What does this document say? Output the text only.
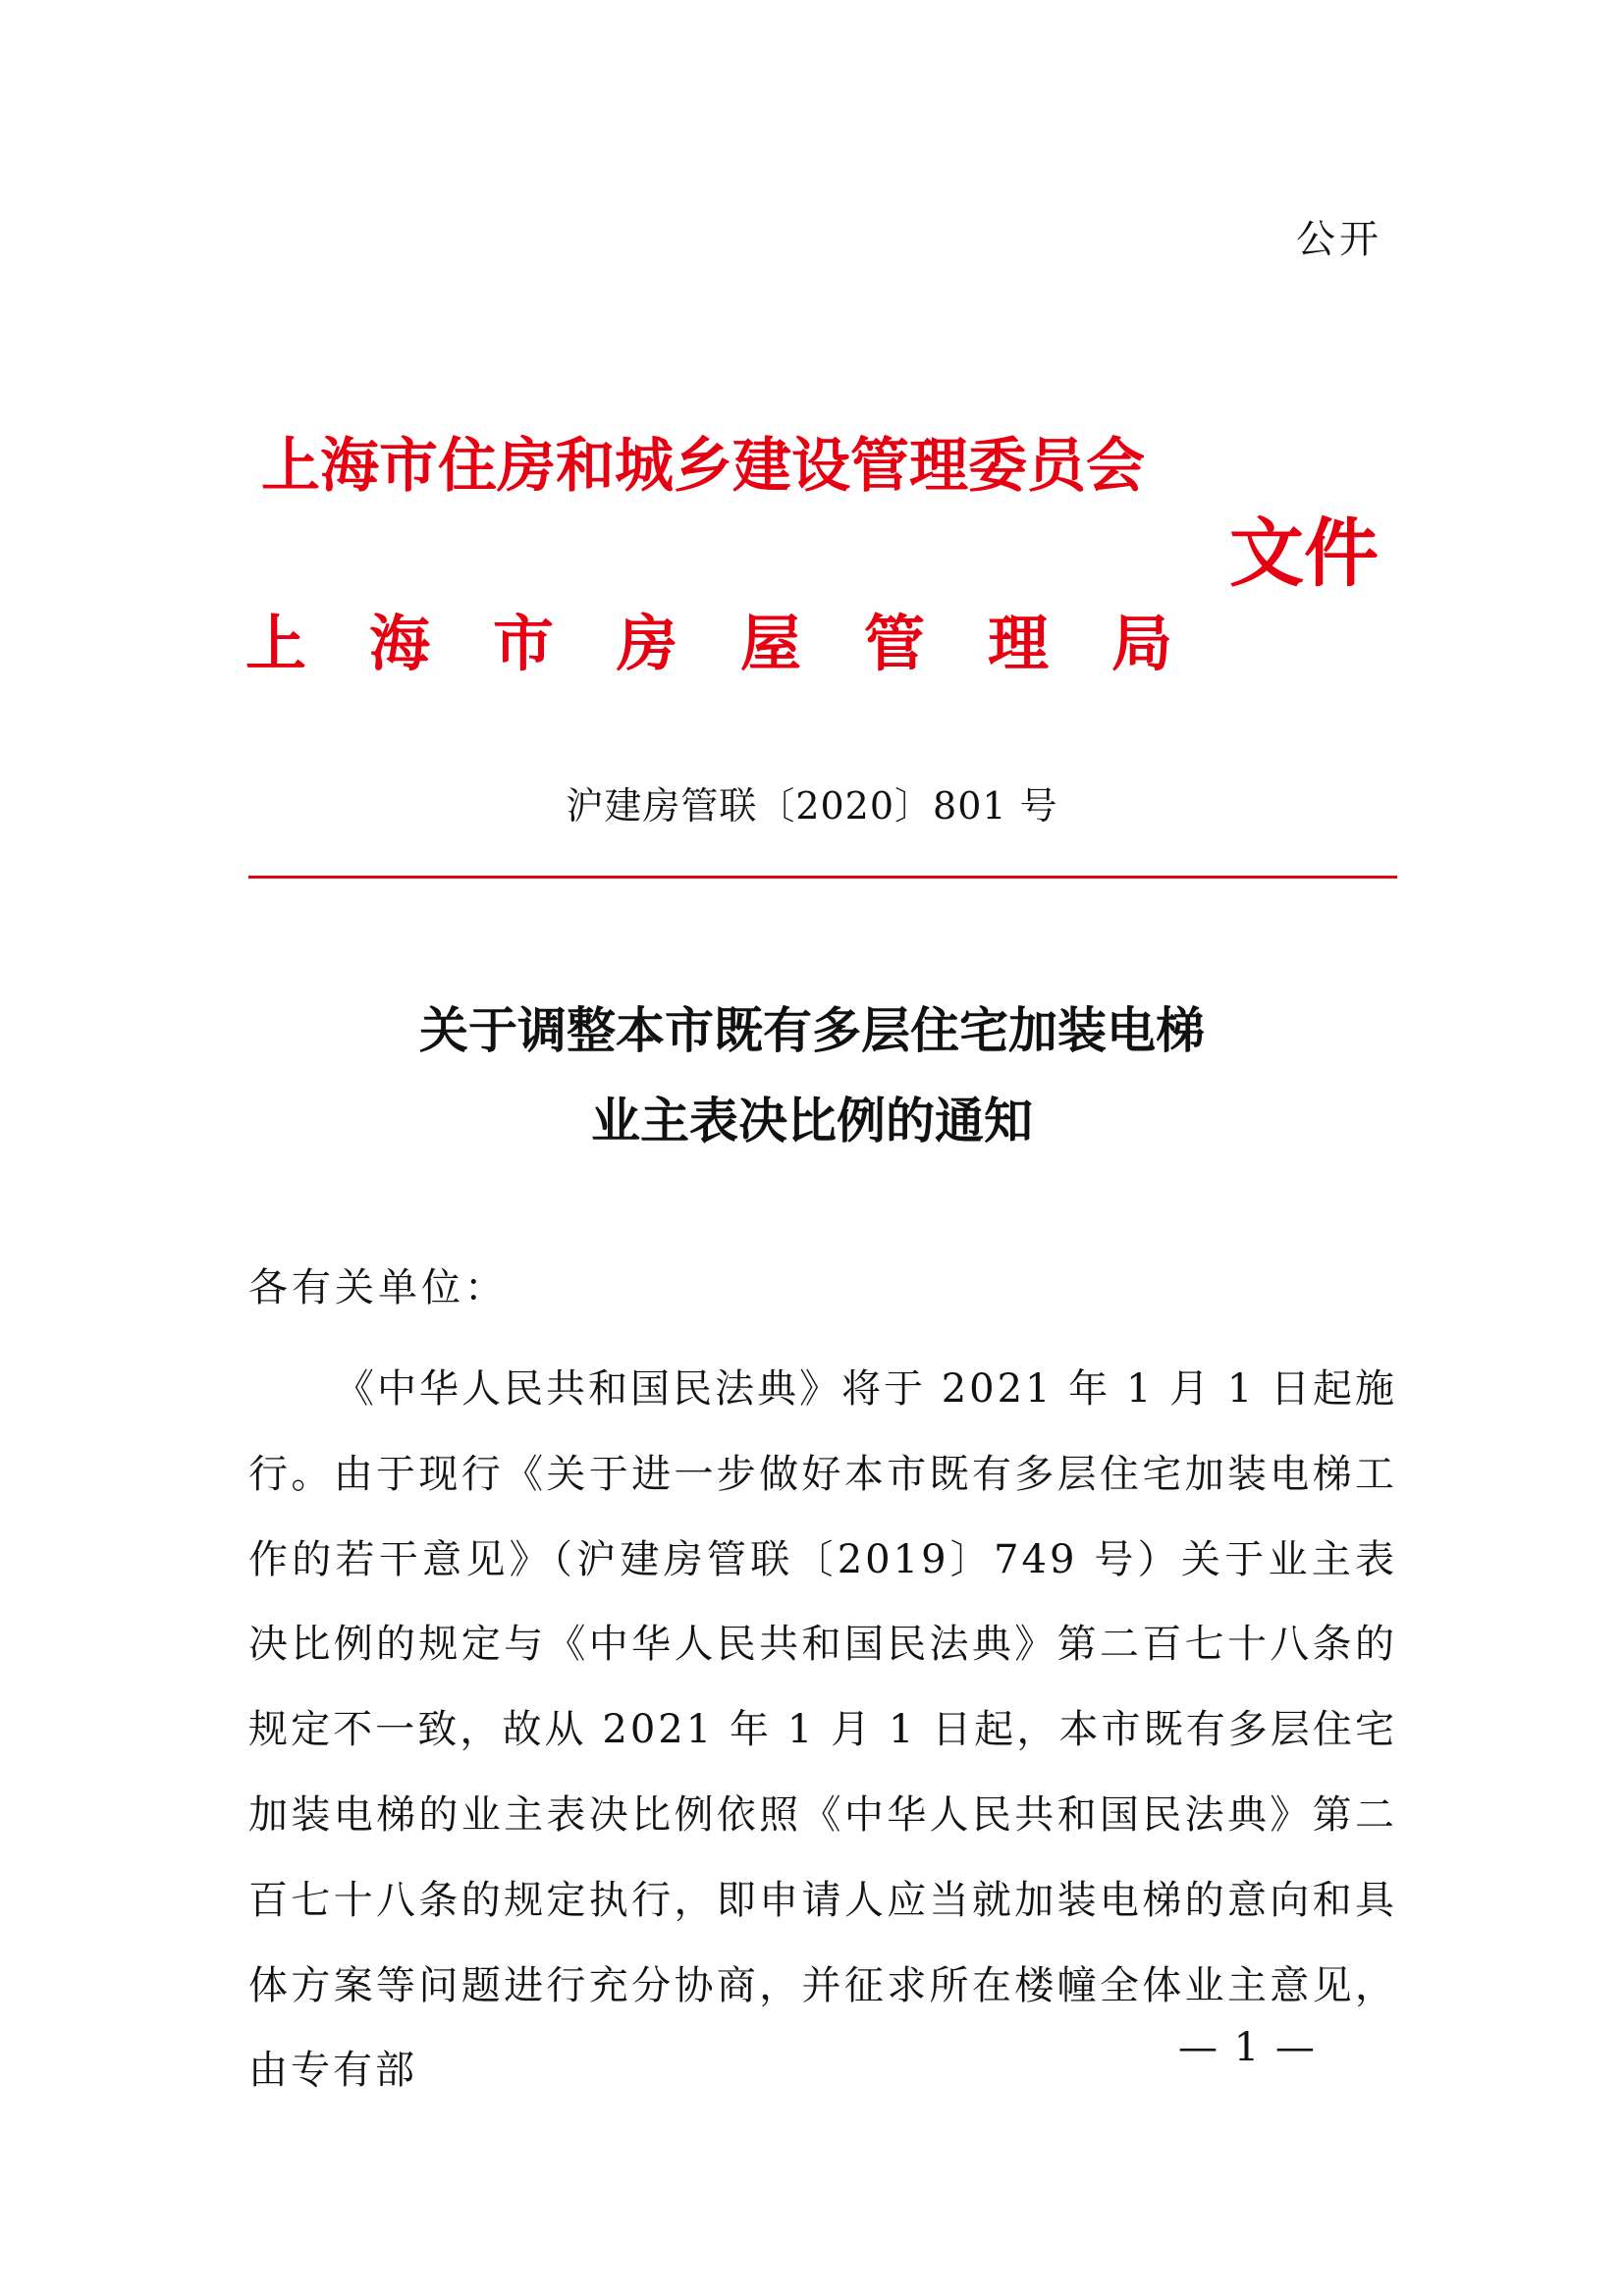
公开
上海市住房和城乡建设管理委员会
文件
上海市房屋管理局
沪建房管联〔2020〕801 号
关于调整本市既有多层住宅加装电梯
业主表决比例的通知
各有关单位：

《中华人民共和国民法典》将于 2021 年 1 月 1 日起施行。由于现行《关于进一步做好本市既有多层住宅加装电梯工作的若干意见》（沪建房管联〔2019〕749 号）关于业主表决比例的规定与《中华人民共和国民法典》第二百七十八条的规定不一致，故从 2021 年 1 月 1 日起，本市既有多层住宅加装电梯的业主表决比例依照《中华人民共和国民法典》第二百七十八条的规定执行，即申请人应当就加装电梯的意向和具体方案等问题进行充分协商，并征求所在楼幢全体业主意见，由专有部

— 1 —
